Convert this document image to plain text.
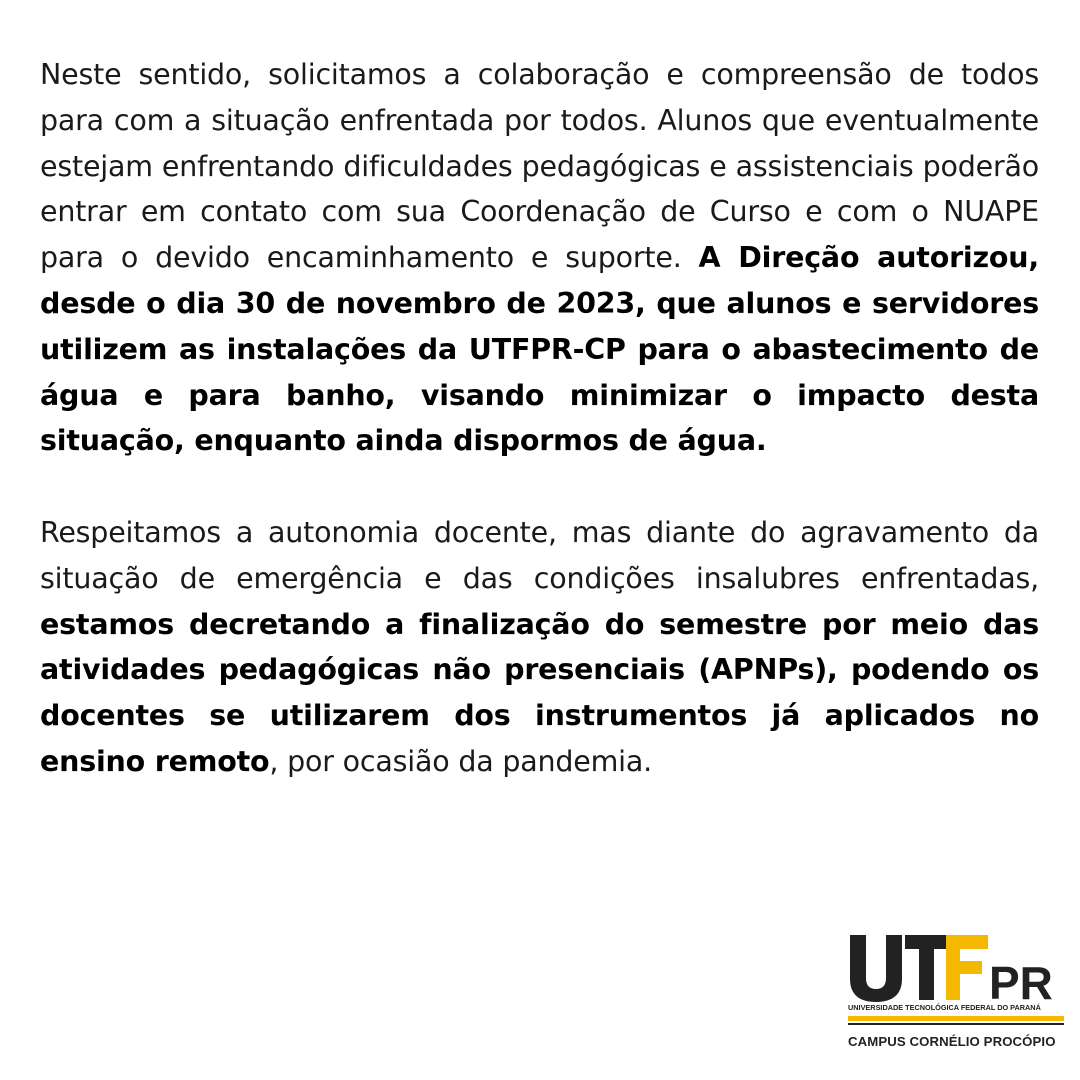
Neste sentido, solicitamos a colaboração e compreensão de todos para com a situação enfrentada por todos. Alunos que eventualmente estejam enfrentando dificuldades pedagógicas e assistenciais poderão entrar em contato com sua Coordenação de Curso e com o NUAPE para o devido encaminhamento e suporte. A Direção autorizou, desde o dia 30 de novembro de 2023, que alunos e servidores utilizem as instalações da UTFPR-CP para o abastecimento de água e para banho, visando minimizar o impacto desta situação, enquanto ainda dispormos de água.

Respeitamos a autonomia docente, mas diante do agravamento da situação de emergência e das condições insalubres enfrentadas, estamos decretando a finalização do semestre por meio das atividades pedagógicas não presenciais (APNPs), podendo os docentes se utilizarem dos instrumentos já aplicados no ensino remoto, por ocasião da pandemia.

PR
UNIVERSIDADE TECNOLÓGICA FEDERAL DO PARANÁ
CAMPUS CORNÉLIO PROCÓPIO
